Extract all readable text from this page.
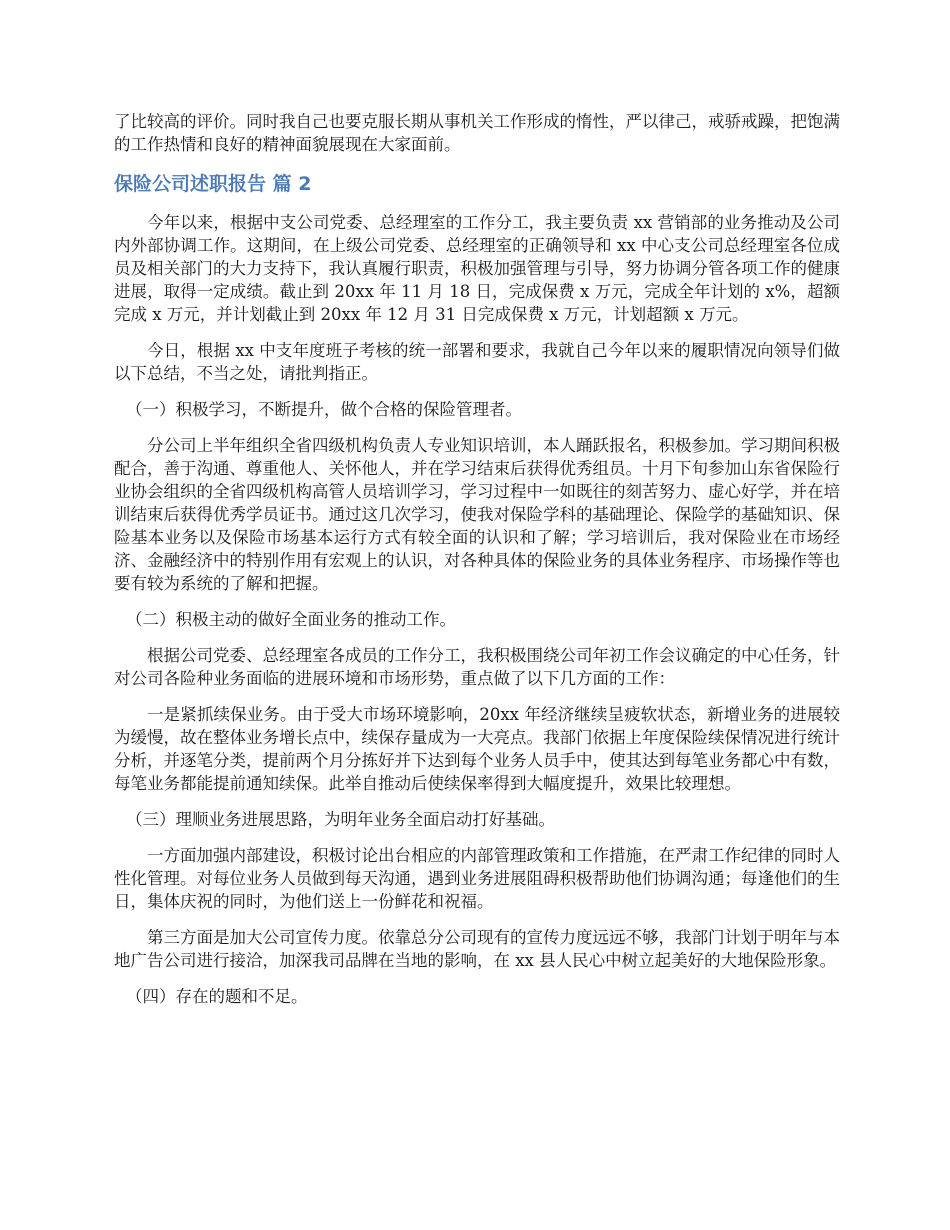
了比较高的评价。同时我自己也要克服长期从事机关工作形成的惰性，严以律己，戒骄戒躁，把饱满的工作热情和良好的精神面貌展现在大家面前。

保险公司述职报告 篇 2

今年以来，根据中支公司党委、总经理室的工作分工，我主要负责 xx 营销部的业务推动及公司内外部协调工作。这期间，在上级公司党委、总经理室的正确领导和 xx 中心支公司总经理室各位成员及相关部门的大力支持下，我认真履行职责，积极加强管理与引导，努力协调分管各项工作的健康进展，取得一定成绩。截止到 20xx 年 11 月 18 日，完成保费 x 万元，完成全年计划的 x%，超额完成 x 万元，并计划截止到 20xx 年 12 月 31 日完成保费 x 万元，计划超额 x 万元。

今日，根据 xx 中支年度班子考核的统一部署和要求，我就自己今年以来的履职情况向领导们做以下总结，不当之处，请批判指正。

（一）积极学习，不断提升，做个合格的保险管理者。

分公司上半年组织全省四级机构负责人专业知识培训，本人踊跃报名，积极参加。学习期间积极配合，善于沟通、尊重他人、关怀他人，并在学习结束后获得优秀组员。十月下旬参加山东省保险行业协会组织的全省四级机构高管人员培训学习，学习过程中一如既往的刻苦努力、虚心好学，并在培训结束后获得优秀学员证书。通过这几次学习，使我对保险学科的基础理论、保险学的基础知识、保险基本业务以及保险市场基本运行方式有较全面的认识和了解；学习培训后，我对保险业在市场经济、金融经济中的特别作用有宏观上的认识，对各种具体的保险业务的具体业务程序、市场操作等也要有较为系统的了解和把握。

（二）积极主动的做好全面业务的推动工作。

根据公司党委、总经理室各成员的工作分工，我积极围绕公司年初工作会议确定的中心任务，针对公司各险种业务面临的进展环境和市场形势，重点做了以下几方面的工作：

一是紧抓续保业务。由于受大市场环境影响，20xx 年经济继续呈疲软状态，新增业务的进展较为缓慢，故在整体业务增长点中，续保存量成为一大亮点。我部门依据上年度保险续保情况进行统计分析，并逐笔分类，提前两个月分拣好并下达到每个业务人员手中，使其达到每笔业务都心中有数，每笔业务都能提前通知续保。此举自推动后使续保率得到大幅度提升，效果比较理想。

（三）理顺业务进展思路，为明年业务全面启动打好基础。

一方面加强内部建设，积极讨论出台相应的内部管理政策和工作措施，在严肃工作纪律的同时人性化管理。对每位业务人员做到每天沟通，遇到业务进展阻碍积极帮助他们协调沟通；每逢他们的生日，集体庆祝的同时，为他们送上一份鲜花和祝福。

第三方面是加大公司宣传力度。依靠总分公司现有的宣传力度远远不够，我部门计划于明年与本地广告公司进行接洽，加深我司品牌在当地的影响，在 xx 县人民心中树立起美好的大地保险形象。

（四）存在的题和不足。
